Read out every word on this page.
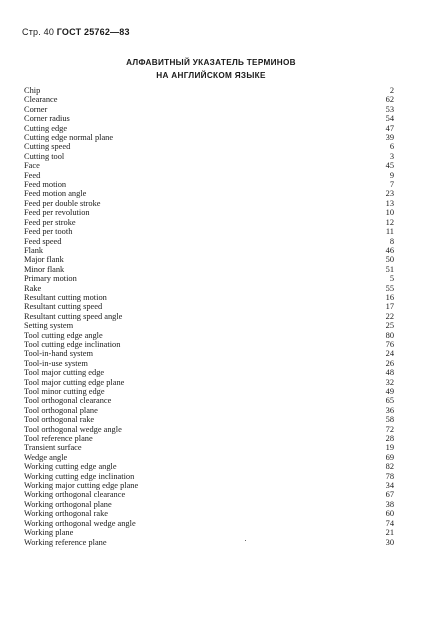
Стр. 40 ГОСТ 25762—83
АЛФАВИТНЫЙ УКАЗАТЕЛЬ ТЕРМИНОВ
НА АНГЛИЙСКОМ ЯЗЫКЕ
Chip	2
Clearance	62
Corner	53
Corner radius	54
Cutting edge	47
Cutting edge normal plane	39
Cutting speed	6
Cutting tool	3
Face	45
Feed	9
Feed motion	7
Feed motion angle	23
Feed per double stroke	13
Feed per revolution	10
Feed per stroke	12
Feed per tooth	11
Feed speed	8
Flank	46
Major flank	50
Minor flank	51
Primary motion	5
Rake	55
Resultant cutting motion	16
Resultant cutting speed	17
Resultant cutting speed angle	22
Setting system	25
Tool cutting edge angle	80
Tool cutting edge inclination	76
Tool-in-hand system	24
Tool-in-use system	26
Tool major cutting edge	48
Tool major cutting edge plane	32
Tool minor cutting edge	49
Tool orthogonal clearance	65
Tool orthogonal plane	36
Tool orthogonal rake	58
Tool orthogonal wedge angle	72
Tool reference plane	28
Transient surface	19
Wedge angle	69
Working cutting edge angle	82
Working cutting edge inclination	78
Working major cutting edge plane	34
Working orthogonal clearance	67
Working orthogonal plane	38
Working orthogonal rake	60
Working orthogonal wedge angle	74
Working plane	21
Working reference plane	30
